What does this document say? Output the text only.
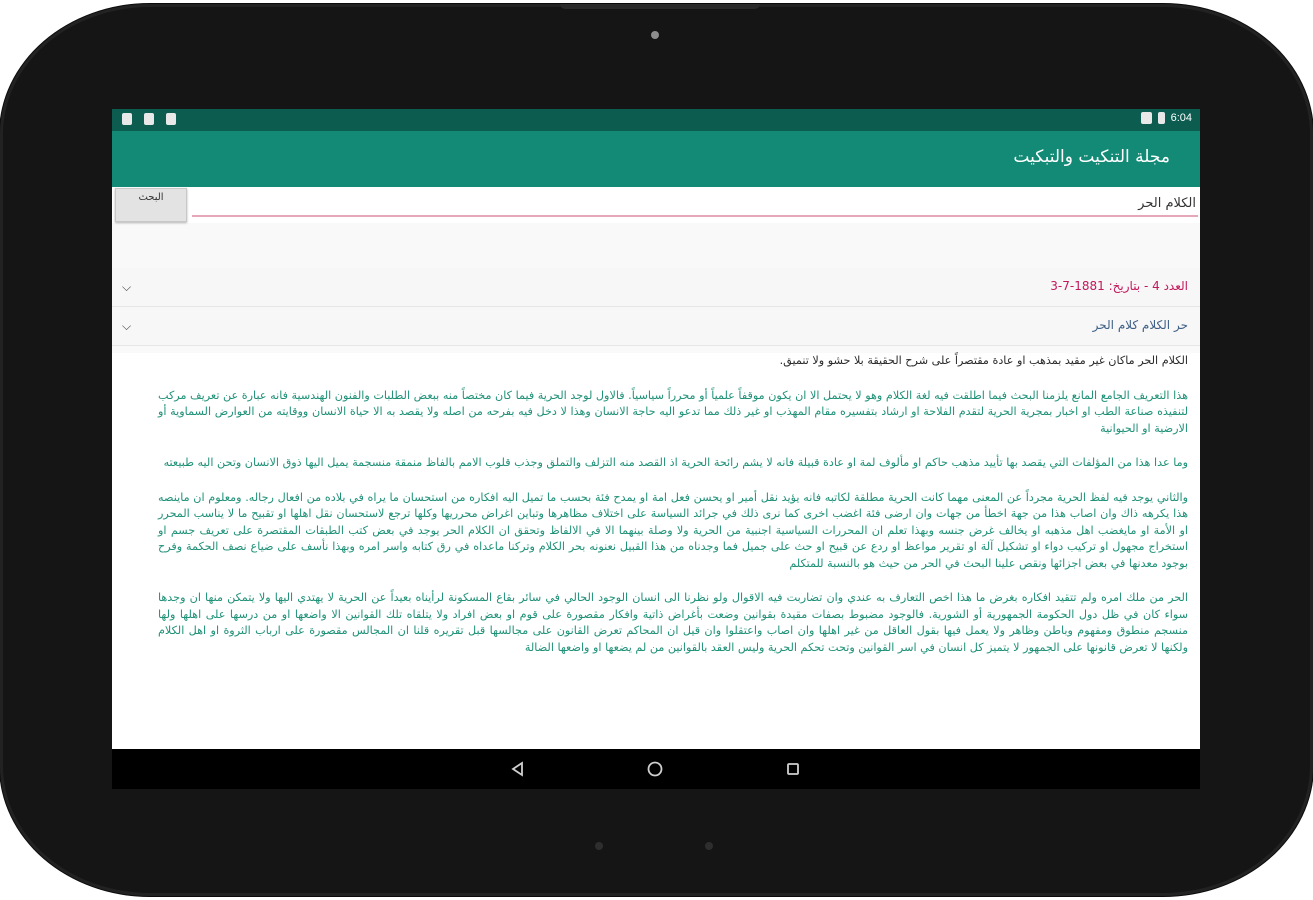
6:04
مجلة التنكيت والتبكيت
البحث
الكلام الحر
⌵	العدد 4 - بتاريخ: 1881-7-3
⌵	حر الكلام كلام الحر

الكلام الحر ماكان غير مقيد بمذهب او عادة مقتصراً على شرح الحقيقة بلا حشو ولا تنميق.

هذا التعريف الجامع المانع يلزمنا البحث فيما اطلقت فيه لغة الكلام وهو لا يحتمل الا ان يكون موقفاً علمياً أو محرراً سياسياً. فالاول لوجد الحرية فيما كان مختصاً منه ببعض الطلبات والفنون الهندسية فانه عبارة عن تعريف مركب لتنفيذه صناعة الطب او اخبار بمجرية الحرية لتقدم الفلاحة او ارشاد بتفسيره مقام المهذب او غير ذلك مما تدعو اليه حاجة الانسان وهذا لا دخل فيه بفرحه من اصله ولا يقصد به الا حياة الانسان ووقايته من العوارض السماوية أو الارضية او الحيوانية

وما عدا هذا من المؤلفات التي يقصد بها تأييد مذهب حاكم او مألوف لمة او عادة قبيلة فانه لا يشم رائحة الحرية اذ القصد منه التزلف والتملق وجذب قلوب الامم بالفاظ منمقة منسجمة يميل اليها ذوق الانسان وتحن اليه طبيعته

والثاني يوجد فيه لفظ الحرية مجرداً عن المعنى مهما كانت الحرية مطلقة لكاتبه فانه يؤيد نقل أمير او يحسن فعل امة او يمدح فئة بحسب ما تميل اليه افكاره من استحسان ما يراه في بلاده من افعال رجاله. ومعلوم ان ماينصه هذا يكرهه ذاك وان اصاب هذا من جهة اخطأ من جهات وان ارضى فئة اغضب اخرى كما نرى ذلك في جرائد السياسة على اختلاف مظاهرها وتباين اغراض محرريها وكلها ترجع لاستحسان نقل اهلها او تقبيح ما لا يناسب المحرر او الأمة او مايغضب اهل مذهبه او يخالف غرض جنسه وبهذا تعلم ان المحررات السياسية اجنبية من الحرية ولا وصلة بينهما الا في الالفاظ وتحقق ان الكلام الحر يوجد في بعض كتب الطبقات المقتصرة على تعريف جسم او استخراج مجهول او تركيب دواء او تشكيل آلة او تقرير مواعظ او ردع عن قبيح او حث على جميل فما وجدناه من هذا القبيل نعنونه بحر الكلام وتركنا ماعداه في رق كتابه واسر امره وبهذا نأسف على ضياع نصف الحكمة وفرح بوجود معدنها في بعض اجزائها ونقص علينا البحث في الحر من حيث هو بالنسبة للمتكلم

الحر من ملك امره ولم تتقيد افكاره بغرض ما هذا اخص التعارف به عندي وان تضاربت فيه الاقوال ولو نظرنا الى انسان الوجود الحالي في سائر بقاع المسكونة لرأيناه بعيداً عن الحرية لا يهتدي اليها ولا يتمكن منها ان وجدها سواء كان في ظل دول الحكومة الجمهورية أو الشورية. فالوجود مضبوط بصفات مقيدة بقوانين وضعت بأغراض ذاتية وافكار مقصورة على قوم او بعض افراد ولا يتلقاه تلك القوانين الا واضعها او من درسها على اهلها ولها منسجم منطوق ومفهوم وباطن وظاهر ولا يعمل فيها بقول العاقل من غير اهلها وان اصاب واعتقلوا وان قيل ان المحاكم تعرض القانون على مجالسها قبل تقريره قلنا ان المجالس مقصورة على ارباب الثروة او اهل الكلام ولكنها لا تعرض قانونها على الجمهور لا يتميز كل انسان في اسر القوانين وتحت تحكم الحرية وليس العقد بالقوانين من لم يضعها او واضعها الضالة
